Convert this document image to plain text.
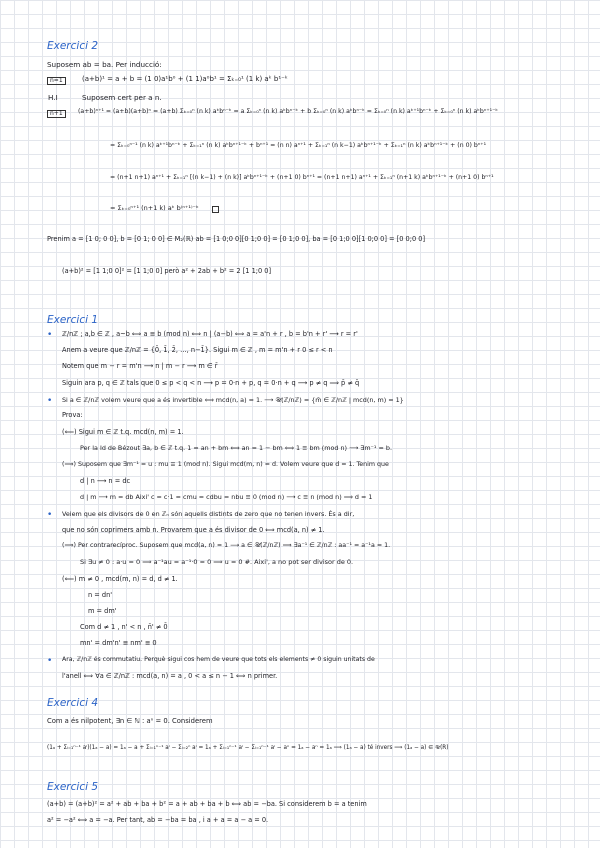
Exercici 2
Suposem ab = ba. Per inducció:
n=1	(a+b)¹ = a + b = (1 0)a¹b⁰ + (1 1)a⁰b¹ = Σₖ₌₀¹ (1 k) aᵏ b¹⁻ᵏ
H.I	Suposem cert per a n.
n+1	(a+b)ⁿ⁺¹ = (a+b)(a+b)ⁿ = (a+b) Σₖ₌₀ⁿ (n k) aᵏbⁿ⁻ᵏ = a Σₖ₌₀ⁿ (n k) aᵏbⁿ⁻ᵏ + b Σₖ₌₀ⁿ (n k) aᵏbⁿ⁻ᵏ = Σₖ₌₀ⁿ (n k) aᵏ⁺¹bⁿ⁻ᵏ + Σₖ₌₀ⁿ (n k) aᵏbⁿ⁺¹⁻ᵏ
= Σₖ₌₀ⁿ⁻¹ (n k) aᵏ⁺¹bⁿ⁻ᵏ + Σₖ₌₁ⁿ (n k) aᵏbⁿ⁺¹⁻ᵏ + bⁿ⁺¹ = (n n) aⁿ⁺¹ + Σₖ₌₁ⁿ (n k−1) aᵏbⁿ⁺¹⁻ᵏ + Σₖ₌₁ⁿ (n k) aᵏbⁿ⁺¹⁻ᵏ + (n 0) bⁿ⁺¹
= (n+1 n+1) aⁿ⁺¹ + Σₖ₌₁ⁿ [(n k−1) + (n k)] aᵏbⁿ⁺¹⁻ᵏ + (n+1 0) bⁿ⁺¹ = (n+1 n+1) aⁿ⁺¹ + Σₖ₌₁ⁿ (n+1 k) aᵏbⁿ⁺¹⁻ᵏ + (n+1 0) bⁿ⁺¹
= Σₖ₌₀ⁿ⁺¹ (n+1 k) aᵏ b⁽ⁿ⁺¹⁾⁻ᵏ
Prenim a = [1 0; 0 0], b = [0 1; 0 0] ∈ M₂(ℝ) ab = [1 0;0 0][0 1;0 0] = [0 1;0 0], ba = [0 1;0 0][1 0;0 0] = [0 0;0 0]
(a+b)² = [1 1;0 0]² = [1 1;0 0] però a² + 2ab + b² = 2 [1 1;0 0]
Exercici 1
• ℤ/nℤ ; a,b ∈ ℤ , a~b ⟺ a ≡ b (mod n) ⟺ n | (a−b) ⟺ a = a'n + r , b = b'n + r' ⟶ r = r'
Anem a veure que ℤ/nℤ = {0̄, 1̄, 2̄, …, n−1̄}. Sigui m ∈ ℤ , m = m'n + r 0 ≤ r < n
Notem que m − r = m'n ⟶ n | m − r ⟶ m ∈ r̄
Siguin ara p, q ∈ ℤ tals que 0 ≤ p < q < n ⟶ p = 0·n + p, q = 0·n + q ⟶ p ≠ q ⟹ p̄ ≠ q̄
• Si a ∈ ℤ/nℤ volem veure que a és invertible ⟺ mcd(n, a) = 1. ⟶ 𝒰(ℤ/nℤ) = {m̄ ∈ ℤ/nℤ | mcd(n, m) = 1}
Prova:
(⟸) Sigui m ∈ ℤ t.q. mcd(n, m) = 1.
Per la Id de Bézout ∃a, b ∈ ℤ t.q. 1 = an + bm ⟺ an = 1 − bm ⟺ 1 ≡ bm (mod n) ⟶ ∃m⁻¹ = b.
(⟹) Suposem que ∃m⁻¹ = u : mu ≡ 1 (mod n). Sigui mcd(m, n) = d. Volem veure que d = 1. Tenim que
d | n ⟶ n = dc
d | m ⟶ m = db Aixi' c = c·1 = cmu = cdbu = nbu ≡ 0 (mod n) ⟶ c ≡ n (mod n) ⟹ d = 1
• Veiem que els divisors de 0 en ℤₙ són aquells distints de zero que no tenen invers. És a dir,
que no són coprimers amb n. Provarem que a és divisor de 0 ⟺ mcd(a, n) ≠ 1.
(⟹) Per contrarecíproc. Suposem que mcd(a, n) = 1 ⟶ a ∈ 𝒰(ℤ/nℤ) ⟹ ∃a⁻¹ ∈ ℤ/nℤ : aa⁻¹ = a⁻¹a = 1.
Si ∃u ≠ 0 : a·u = 0 ⟹ a⁻¹au = a⁻¹·0 = 0 ⟹ u = 0 #. Aixi', a no pot ser divisor de 0.
(⟸) m ≠ 0 , mcd(m, n) = d, d ≠ 1.
n = dn'
m = dm'
Com d ≠ 1 , n' < n , n̄' ≠ 0̄
mn' = dm'n' ≡ nm' ≡ 0
• Ara, ℤ/nℤ és commutatiu. Perquè sigui cos hem de veure que tots els elements ≠ 0 siguin unitats de
l'anell ⟺ ∀a ∈ ℤ/nℤ : mcd(a, n) = a , 0 < a ≤ n − 1 ⟺ n primer.
Exercici 4
Com a és nilpotent, ∃n ∈ ℕ : aⁿ = 0. Considerem
(1ₐ + Σᵢ₌₁ⁿ⁻¹ aⁱ)(1ₐ − a) = 1ₐ − a + Σᵢ₌₁ⁿ⁻¹ aⁱ − Σᵢ₌₂ⁿ aⁱ = 1ₐ + Σᵢ₌₁ⁿ⁻¹ aⁱ − Σᵢ₌₁ⁿ⁻¹ aⁱ − aⁿ = 1ₐ − aⁿ = 1ₐ ⟹ (1ₐ − a) té invers ⟹ (1ₐ − a) ∈ 𝒰(R)
Exercici 5
(a+b) = (a+b)² = a² + ab + ba + b² = a + ab + ba + b ⟺ ab = −ba. Si considerem b = a tenim
a² = −a² ⟺ a = −a. Per tant, ab = −ba = ba , i a + a = a − a = 0.
